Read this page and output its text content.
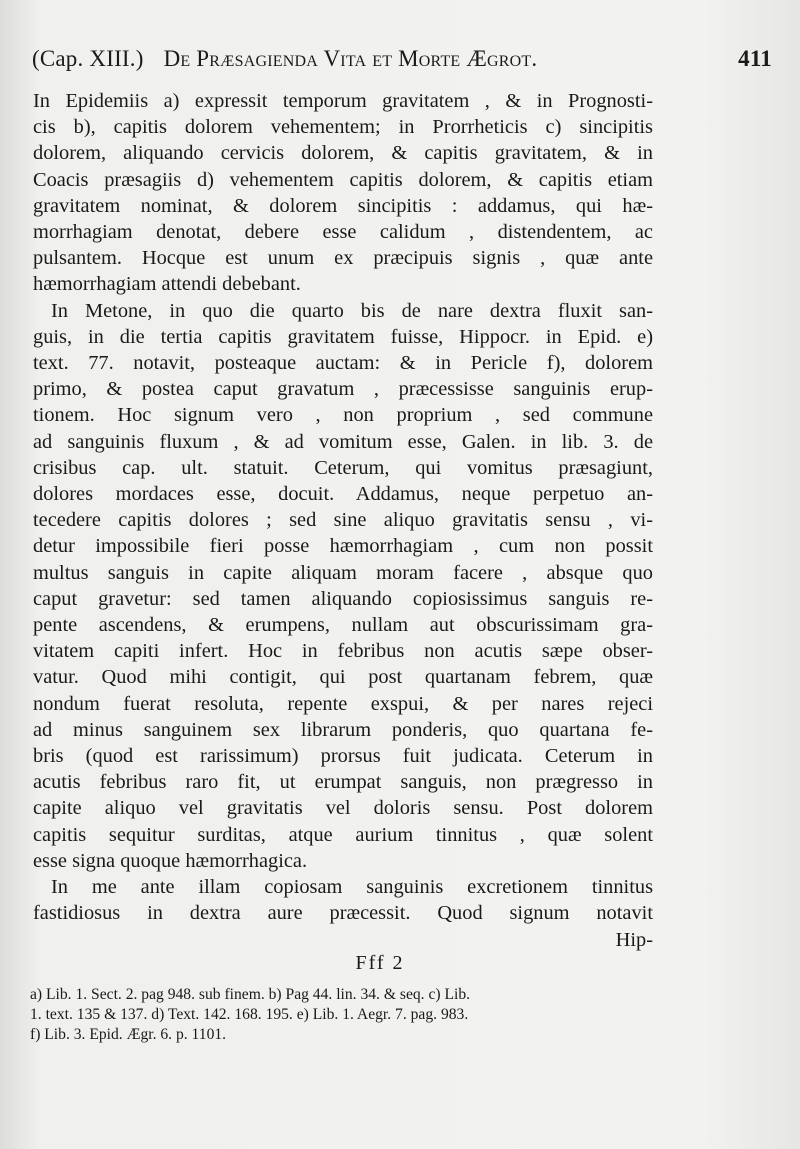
(Cap. XIII.) De Præsagienda Vita et Morte Ægrot.	411
In Epidemiis a) expressit temporum gravitatem , & in Prognosti-
cis b), capitis dolorem vehementem; in Prorrheticis c) sincipitis
dolorem, aliquando cervicis dolorem, & capitis gravitatem, & in
Coacis præsagiis d) vehementem capitis dolorem, & capitis etiam
gravitatem nominat, & dolorem sincipitis : addamus, qui hæ-
morrhagiam denotat, debere esse calidum , distendentem, ac
pulsantem. Hocque est unum ex præcipuis signis , quæ ante
hæmorrhagiam attendi debebant.
In Metone, in quo die quarto bis de nare dextra fluxit san-
guis, in die tertia capitis gravitatem fuisse, Hippocr. in Epid. e)
text. 77. notavit, posteaque auctam: & in Pericle f), dolorem
primo, & postea caput gravatum , præcessisse sanguinis erup-
tionem. Hoc signum vero , non proprium , sed commune
ad sanguinis fluxum , & ad vomitum esse, Galen. in lib. 3. de
crisibus cap. ult. statuit. Ceterum, qui vomitus præsagiunt,
dolores mordaces esse, docuit. Addamus, neque perpetuo an-
tecedere capitis dolores ; sed sine aliquo gravitatis sensu , vi-
detur impossibile fieri posse hæmorrhagiam , cum non possit
multus sanguis in capite aliquam moram facere , absque quo
caput gravetur: sed tamen aliquando copiosissimus sanguis re-
pente ascendens, & erumpens, nullam aut obscurissimam gra-
vitatem capiti infert. Hoc in febribus non acutis sæpe obser-
vatur. Quod mihi contigit, qui post quartanam febrem, quæ
nondum fuerat resoluta, repente exspui, & per nares rejeci
ad minus sanguinem sex librarum ponderis, quo quartana fe-
bris (quod est rarissimum) prorsus fuit judicata. Ceterum in
acutis febribus raro fit, ut erumpat sanguis, non prægresso in
capite aliquo vel gravitatis vel doloris sensu. Post dolorem
capitis sequitur surditas, atque aurium tinnitus , quæ solent
esse signa quoque hæmorrhagica.
In me ante illam copiosam sanguinis excretionem tinnitus
fastidiosus in dextra aure præcessit. Quod signum notavit
Hip-
Fff 2
a) Lib. 1. Sect. 2. pag 948. sub finem. b) Pag 44. lin. 34. & seq. c) Lib.
1. text. 135 & 137. d) Text. 142. 168. 195. e) Lib. 1. Aegr. 7. pag. 983.
f) Lib. 3. Epid. Ægr. 6. p. 1101.
